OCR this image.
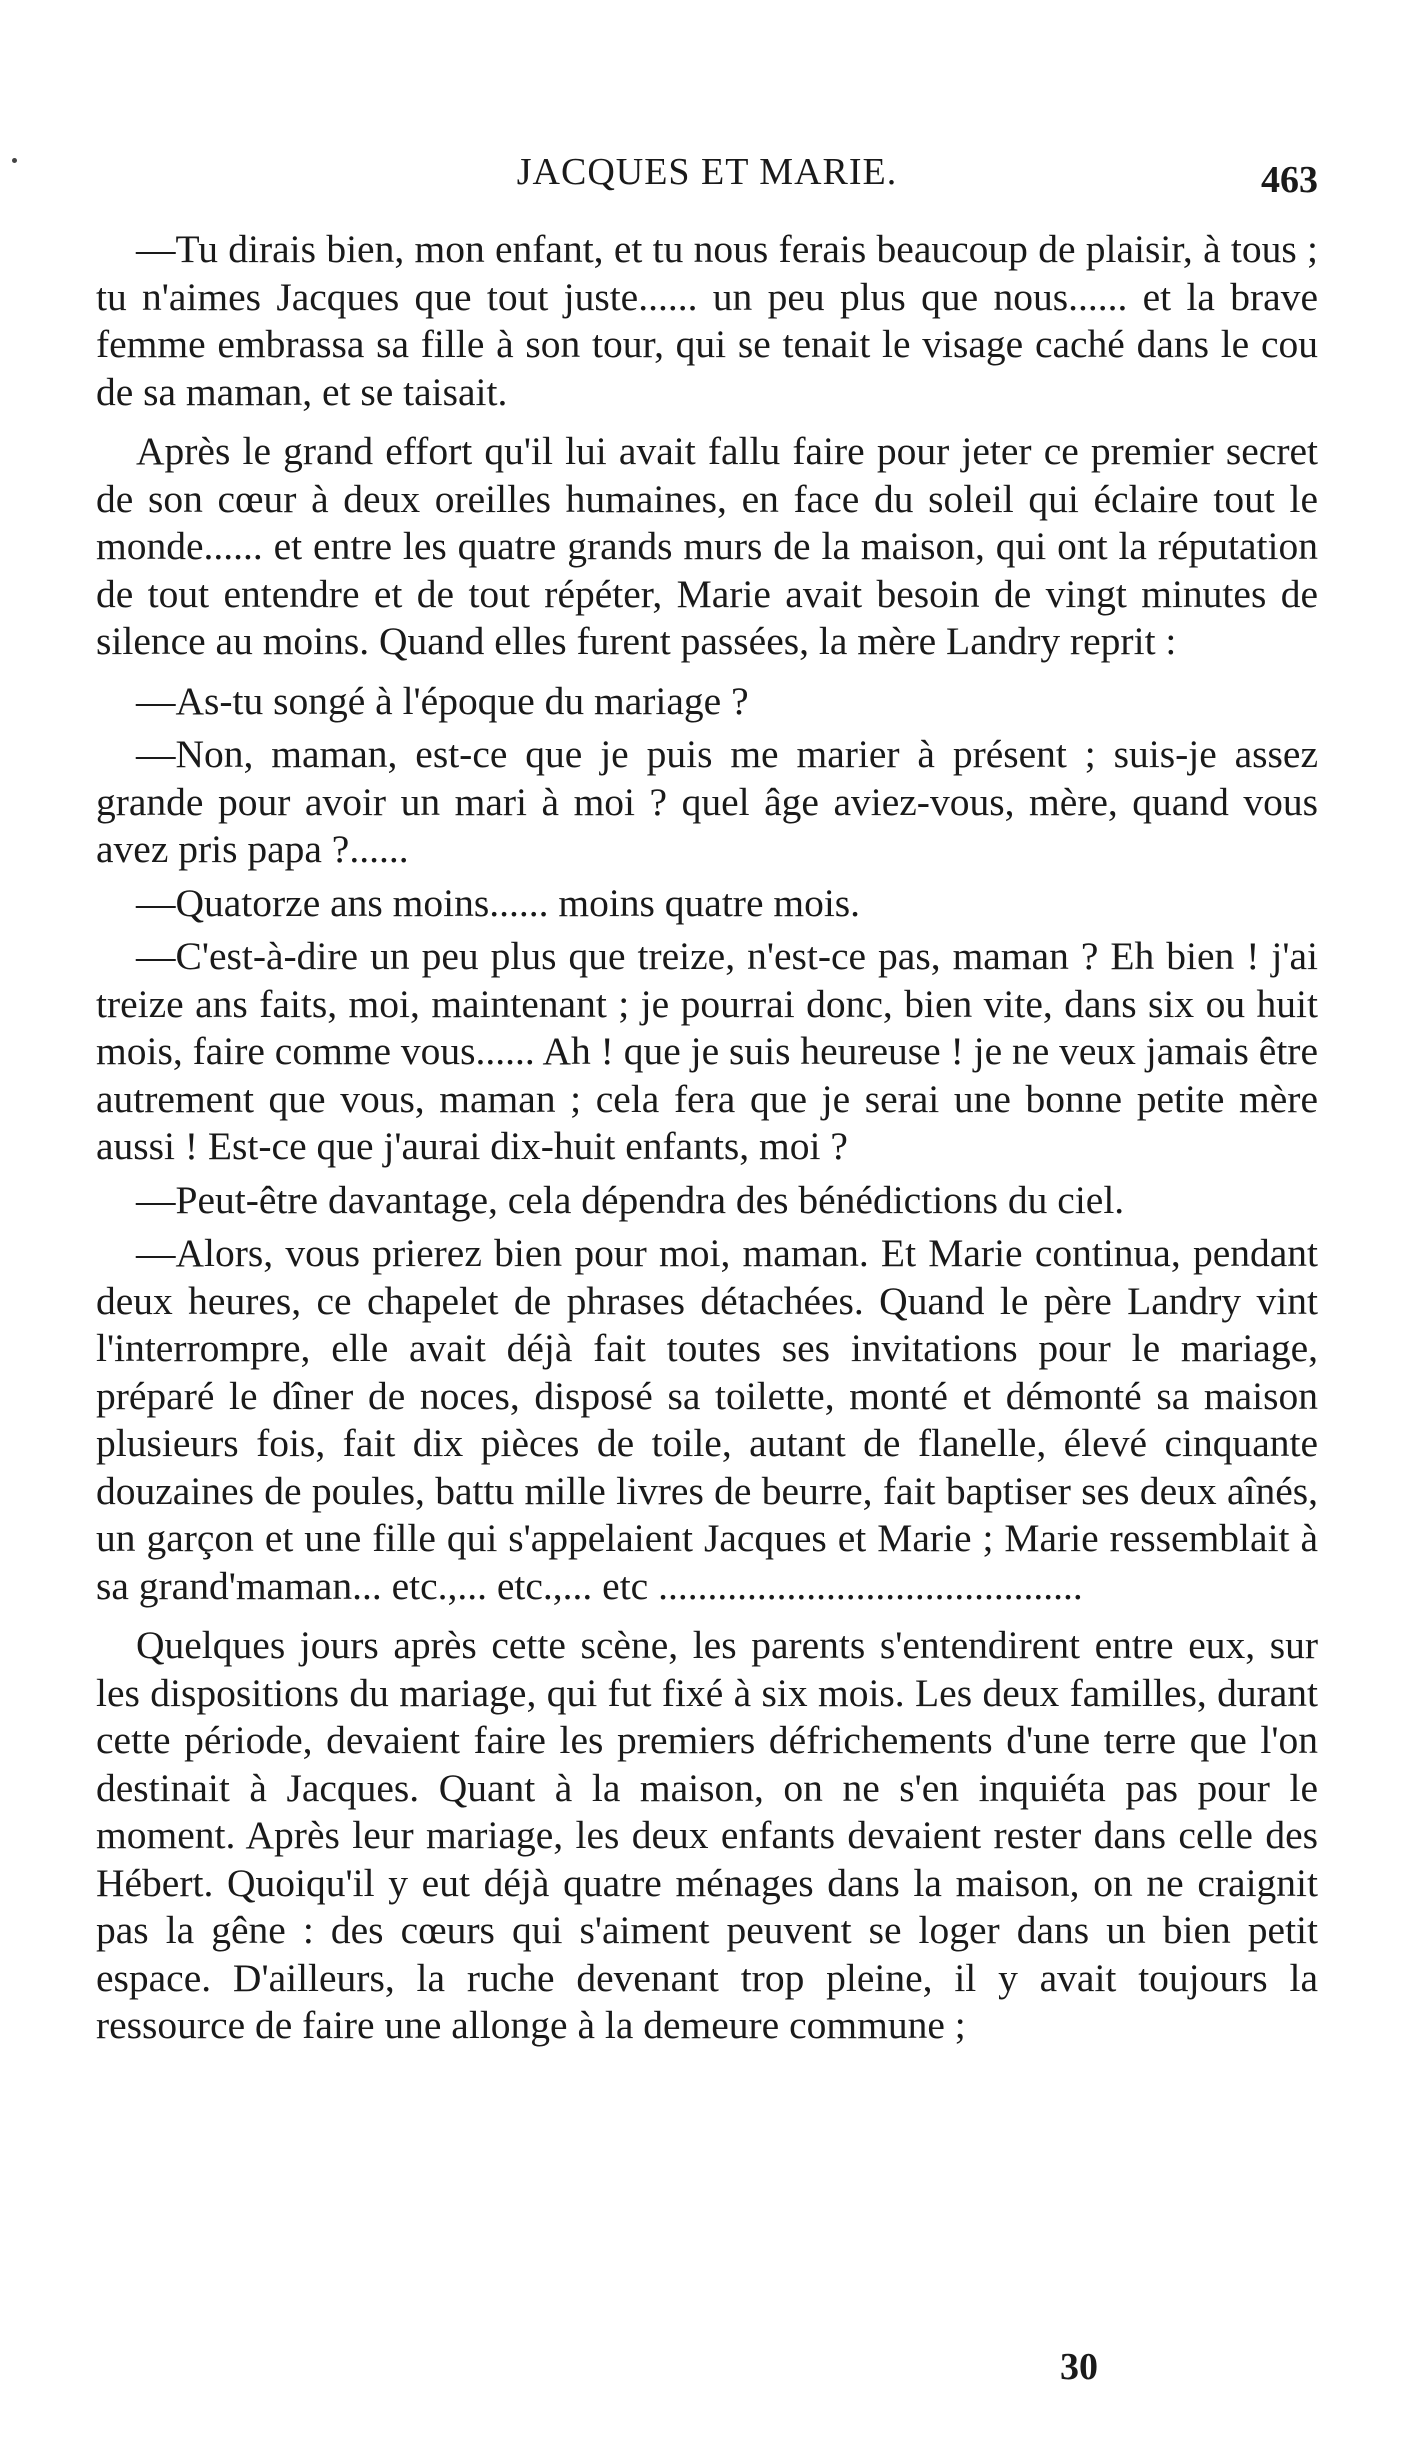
JACQUES ET MARIE.	463

—Tu dirais bien, mon enfant, et tu nous ferais beaucoup de plaisir, à tous ; tu n'aimes Jacques que tout juste...... un peu plus que nous...... et la brave femme embrassa sa fille à son tour, qui se tenait le visage caché dans le cou de sa maman, et se taisait.

Après le grand effort qu'il lui avait fallu faire pour jeter ce premier secret de son cœur à deux oreilles humaines, en face du soleil qui éclaire tout le monde...... et entre les quatre grands murs de la maison, qui ont la réputation de tout entendre et de tout répéter, Marie avait besoin de vingt minutes de silence au moins. Quand elles furent passées, la mère Landry reprit :

—As-tu songé à l'époque du mariage ?

—Non, maman, est-ce que je puis me marier à présent ; suis-je assez grande pour avoir un mari à moi ? quel âge aviez-vous, mère, quand vous avez pris papa ?......

—Quatorze ans moins...... moins quatre mois.

—C'est-à-dire un peu plus que treize, n'est-ce pas, maman ? Eh bien ! j'ai treize ans faits, moi, maintenant ; je pourrai donc, bien vite, dans six ou huit mois, faire comme vous...... Ah ! que je suis heureuse ! je ne veux jamais être autrement que vous, maman ; cela fera que je serai une bonne petite mère aussi ! Est-ce que j'aurai dix-huit enfants, moi ?

—Peut-être davantage, cela dépendra des bénédictions du ciel.

—Alors, vous prierez bien pour moi, maman. Et Marie continua, pendant deux heures, ce chapelet de phrases détachées. Quand le père Landry vint l'interrompre, elle avait déjà fait toutes ses invitations pour le mariage, préparé le dîner de noces, disposé sa toilette, monté et démonté sa maison plusieurs fois, fait dix pièces de toile, autant de flanelle, élevé cinquante douzaines de poules, battu mille livres de beurre, fait baptiser ses deux aînés, un garçon et une fille qui s'appelaient Jacques et Marie ; Marie ressemblait à sa grand'maman... etc.,... etc.,... etc ...........................................

Quelques jours après cette scène, les parents s'entendirent entre eux, sur les dispositions du mariage, qui fut fixé à six mois. Les deux familles, durant cette période, devaient faire les premiers défrichements d'une terre que l'on destinait à Jacques. Quant à la maison, on ne s'en inquiéta pas pour le moment. Après leur mariage, les deux enfants devaient rester dans celle des Hébert. Quoiqu'il y eut déjà quatre ménages dans la maison, on ne craignit pas la gêne : des cœurs qui s'aiment peuvent se loger dans un bien petit espace. D'ailleurs, la ruche devenant trop pleine, il y avait toujours la ressource de faire une allonge à la demeure commune ;

30
